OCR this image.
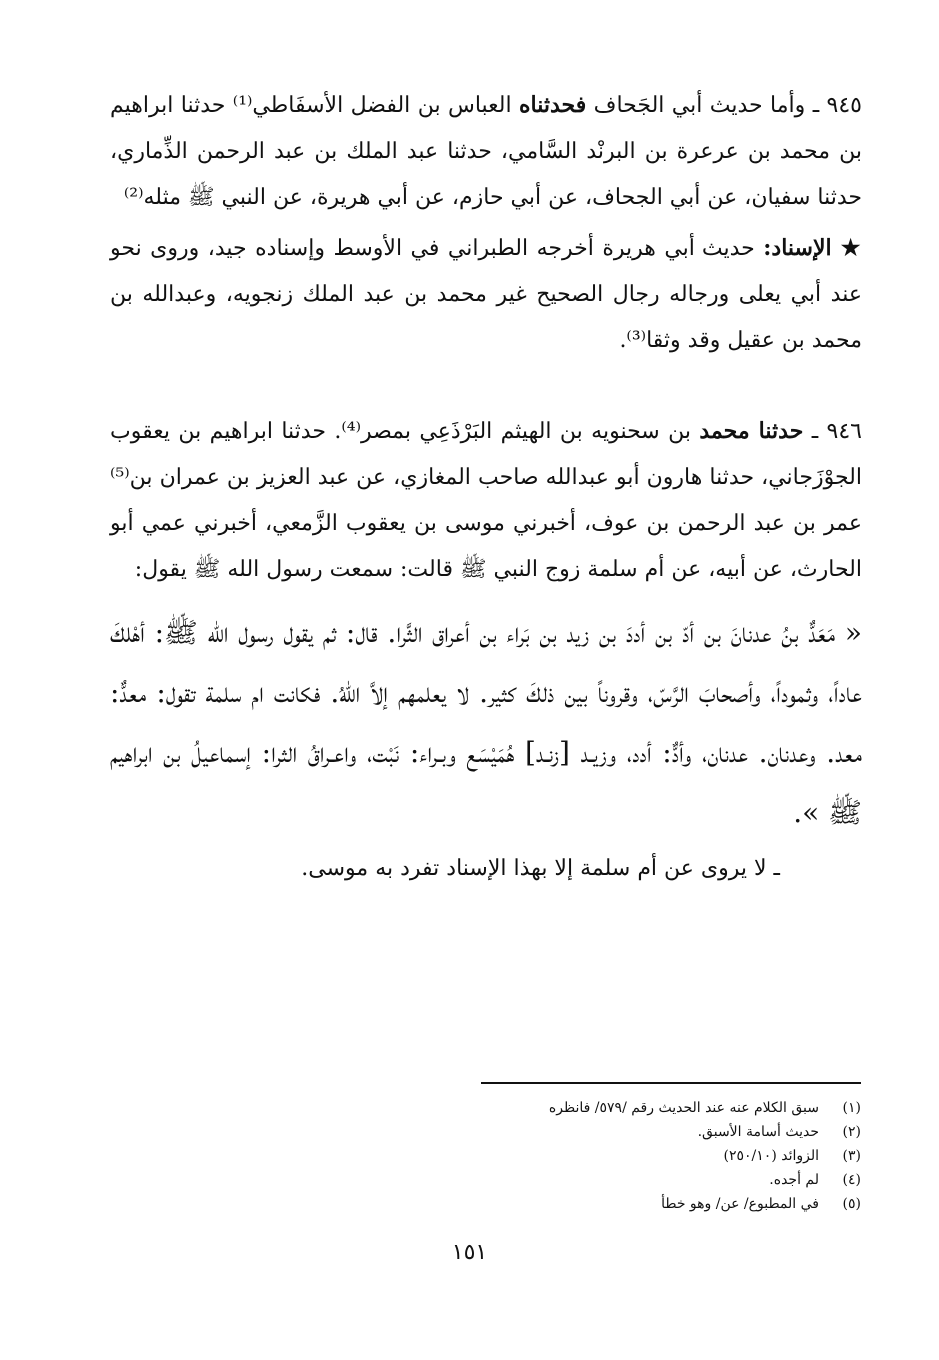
٩٤٥ ـ وأما حديث أبي الجَحاف فحدثناه العباس بن الفضل الأسفَاطي⁽¹⁾ حدثنا ابراهيم بن محمد بن عرعرة بن البرنْد السَّامي، حدثنا عبد الملك بن عبد الرحمن الذِّماري، حدثنا سفيان، عن أبي الجحاف، عن أبي حازم، عن أبي هريرة، عن النبي ﷺ مثله⁽²⁾

★ الإسناد: حديث أبي هريرة أخرجه الطبراني في الأوسط وإسناده جيد، وروى نحو عند أبي يعلى ورجاله رجال الصحيح غير محمد بن عبد الملك زنجويه، وعبدالله بن محمد بن عقيل وقد وثقا⁽³⁾.

٩٤٦ ـ حدثنا محمد بن سحنويه بن الهيثم البَرْذَعِي بمصر⁽⁴⁾. حدثنا ابراهيم بن يعقوب الجوْزَجاني، حدثنا هارون أبو عبدالله صاحب المغازي، عن عبد العزيز بن عمران بن⁽⁵⁾ عمر بن عبد الرحمن بن عوف، أخبرني موسى بن يعقوب الزَّمعي، أخبرني عمي أبو الحارث، عن أبيه، عن أم سلمة زوج النبي ﷺ قالت: سمعت رسول الله ﷺ يقول:

« مَعَدٌّ بنُ عدنانَ بن أدّ بن أددَ بن زيد بن بَراء بن أعراق الثَّرا. قال: ثم يقول رسول الله ﷺ: أهْلكَ عاداً، وثموداً، وأصحابَ الرَّسّ، وقروناً بين ذلكَ كثير. لا يعلمهم إلاَّ اللهُ. فكانت ام سلمة تقول: معدٌّ: معد. وعدنان. عدنان، وأدٌّ: أدد، وزيـد [زنـد] هُمَيْسَع وبـراء: نَبْت، واعـراقُ الثرا: إسماعيلُ بن ابراهيم ﷺ ».

ـ لا يروى عن أم سلمة إلا بهذا الإسناد تفرد به موسى.

(١)
سبق الكلام عنه عند الحديث رقم /٥٧٩/ فانظره
(٢)
حديث أسامة الأسبق.
(٣)
الزوائد (٢٥٠/١٠)
(٤)
لم أجده.
(٥)
في المطبوع/ عن/ وهو خطأ
١٥١
